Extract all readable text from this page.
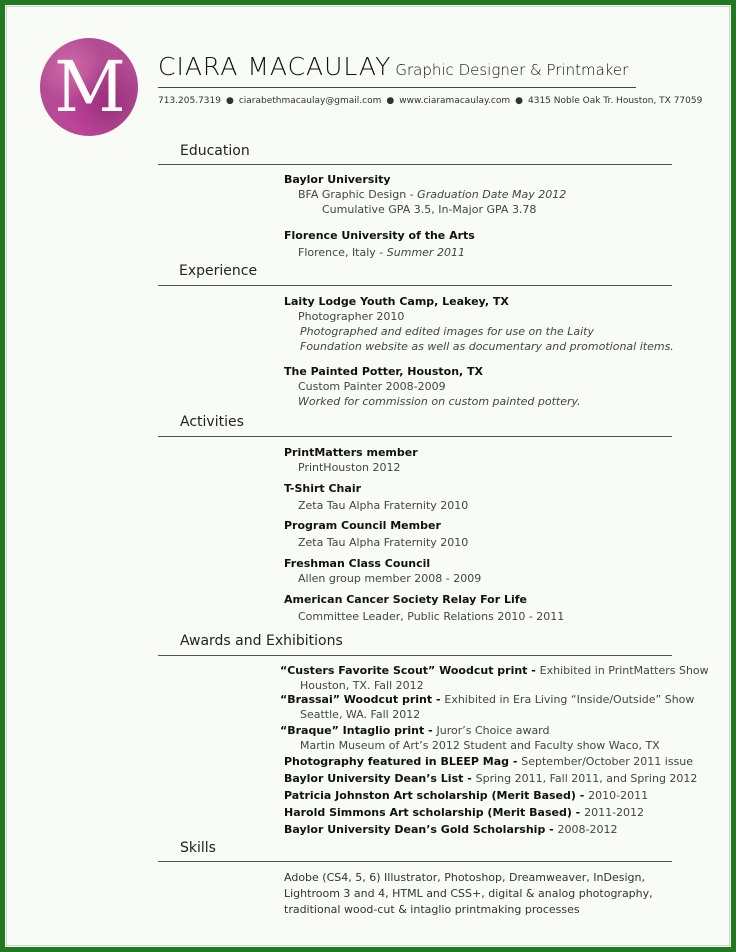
M	CIARA MACAULAY Graphic Designer & Printmaker
713.205.7319 ● ciarabethmacaulay@gmail.com ● www.ciaramacaulay.com ● 4315 Noble Oak Tr. Houston, TX 77059
Education
Baylor University
BFA Graphic Design - Graduation Date May 2012
Cumulative GPA 3.5, In-Major GPA 3.78
Florence University of the Arts
Florence, Italy - Summer 2011
Experience
Laity Lodge Youth Camp, Leakey, TX
Photographer 2010
Photographed and edited images for use on the Laity
Foundation website as well as documentary and promotional items.
The Painted Potter, Houston, TX
Custom Painter 2008-2009
Worked for commission on custom painted pottery.
Activities
PrintMatters member
PrintHouston 2012
T-Shirt Chair
Zeta Tau Alpha Fraternity 2010
Program Council Member
Zeta Tau Alpha Fraternity 2010
Freshman Class Council
Allen group member 2008 - 2009
American Cancer Society Relay For Life
Committee Leader, Public Relations 2010 - 2011
Awards and Exhibitions
“Custers Favorite Scout” Woodcut print - Exhibited in PrintMatters Show
Houston, TX. Fall 2012
“Brassai” Woodcut print - Exhibited in Era Living “Inside/Outside” Show
Seattle, WA. Fall 2012
“Braque” Intaglio print - Juror’s Choice award
Martin Museum of Art’s 2012 Student and Faculty show Waco, TX
Photography featured in BLEEP Mag - September/October 2011 issue
Baylor University Dean’s List - Spring 2011, Fall 2011, and Spring 2012
Patricia Johnston Art scholarship (Merit Based) - 2010-2011
Harold Simmons Art scholarship (Merit Based) - 2011-2012
Baylor University Dean’s Gold Scholarship - 2008-2012
Skills
Adobe (CS4, 5, 6) Illustrator, Photoshop, Dreamweaver, InDesign, Lightroom 3 and 4, HTML and CSS+, digital & analog photography, traditional wood-cut & intaglio printmaking processes
